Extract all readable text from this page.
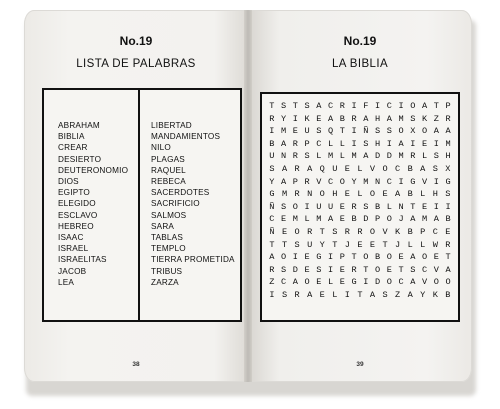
No.19
LISTA DE PALABRAS
ABRAHAM
BIBLIA
CREAR
DESIERTO
DEUTERONOMIO
DIOS
EGIPTO
ELEGIDO
ESCLAVO
HEBREO
ISAAC
ISRAEL
ISRAELITAS
JACOB
LEA
LIBERTAD
MANDAMIENTOS
NILO
PLAGAS
RAQUEL
REBECA
SACERDOTES
SACRIFICIO
SALMOS
SARA
TABLAS
TEMPLO
TIERRA PROMETIDA
TRIBUS
ZARZA
38
No.19
LA BIBLIA
T S T S A C R I F I C I O A T P
R Y I K E A B R A H A M S K Z R
I M E U S Q T I Ñ S S O X O A A
B A R P C L L I S H I A I E I M
U N R S L M L M A D D M R L S H
S A R A Q U E L V O C B A S X
Y A P R V C O Y M N C I G V I G
G M R N O H E L O E A B L H S
Ñ S O I U U E R S B L N T E I I
C E M L M A E B D P O J A M A B
Ñ E O R T S R R O V K B P C E
T T S U Y T J E E T J L L W R
A O I E G I P T O B O E A O E T
R S D E S I E R T O E T S C V A
Z C A O E L E G I D O C A V O O
I S R A E L I T A S Z A Y K B
39
